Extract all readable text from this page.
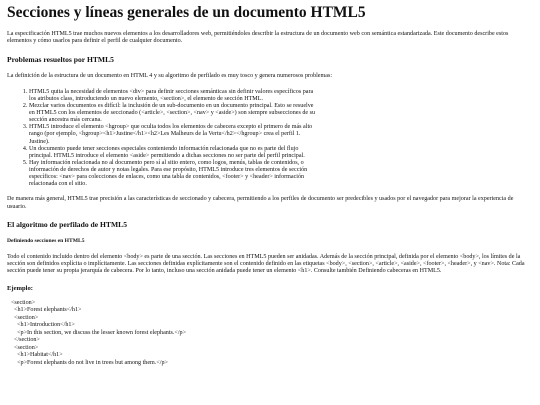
Secciones y líneas generales de un documento HTML5

La especificación HTML5 trae muchos nuevos elementos a los desarrolladores web, permitiéndoles describir la estructura de un documento web con semántica estandarizada. Este documento describe estos elementos y cómo usarlos para definir el perfil de cualquier documento.

Problemas resueltos por HTML5

La definición de la estructura de un documento en HTML 4 y su algoritmo de perfilado es muy tosco y genera numerosos problemas:

1. HTML5 quita la necesidad de elementos <div> para definir secciones semánticas sin definir valores específicos para los atributos class, introduciendo un nuevo elemento, <section>, el elemento de sección HTML.
2. Mezclar varios documentos es difícil: la inclusión de un sub-documento en un documento principal. Esto se resuelve en HTML5 con los elementos de seccionado (<article>, <section>, <nav> y <aside>) son siempre subsecciones de su sección ancestra más cercana.
3. HTML5 introduce el elemento <hgroup> que oculta todos los elementos de cabecera excepto el primero de más alto rango (por ejemplo, <hgroup><h1>Justine</h1><h2>Les Malheurs de la Vertu</h2></hgroup> crea el perfil 1. Justine).
4. Un documento puede tener secciones especiales conteniendo información relacionada que no es parte del flujo principal. HTML5 introduce el elemento <aside> permitiendo a dichas secciones no ser parte del perfil principal.
5. Hay información relacionada no al documento pero sí al sitio entero, como logos, menús, tablas de contenidos, o información de derechos de autor y notas legales. Para ese propósito, HTML5 introduce tres elementos de sección específicos: <nav> para colecciones de enlaces, como una tabla de contenidos, <footer> y <header> información relacionada con el sitio.

De manera más general, HTML5 trae precisión a las características de seccionado y cabecera, permitiendo a los perfiles de documento ser predecibles y usados por el navegador para mejorar la experiencia de usuario.

El algoritmo de perfilado de HTML5
Definiendo secciones en HTML5

Todo el contenido incluido dentro del elemento <body> es parte de una sección. Las secciones en HTML5 pueden ser anidadas. Además de la sección principal, definida por el elemento <body>, los límites de la sección son definidos explícita o implícitamente. Las secciones definidas explícitamente son el contenido definido en las etiquetas <body>, <section>, <article>, <aside>, <footer>, <header>, y <nav>. Nota: Cada sección puede tener su propia jerarquía de cabecera. Por lo tanto, incluso una sección anidada puede tener un elemento <h1>. Consulte también Definiendo cabeceras en HTML5.

Ejemplo:
<section>
<h1>Forest elephants</h1>
<section>
<h1>Introduction</h1>
<p>In this section, we discuss the lesser known forest elephants.</p>
</section>
<section>
<h1>Habitat</h1>
<p>Forest elephants do not live in trees but among them.</p>
